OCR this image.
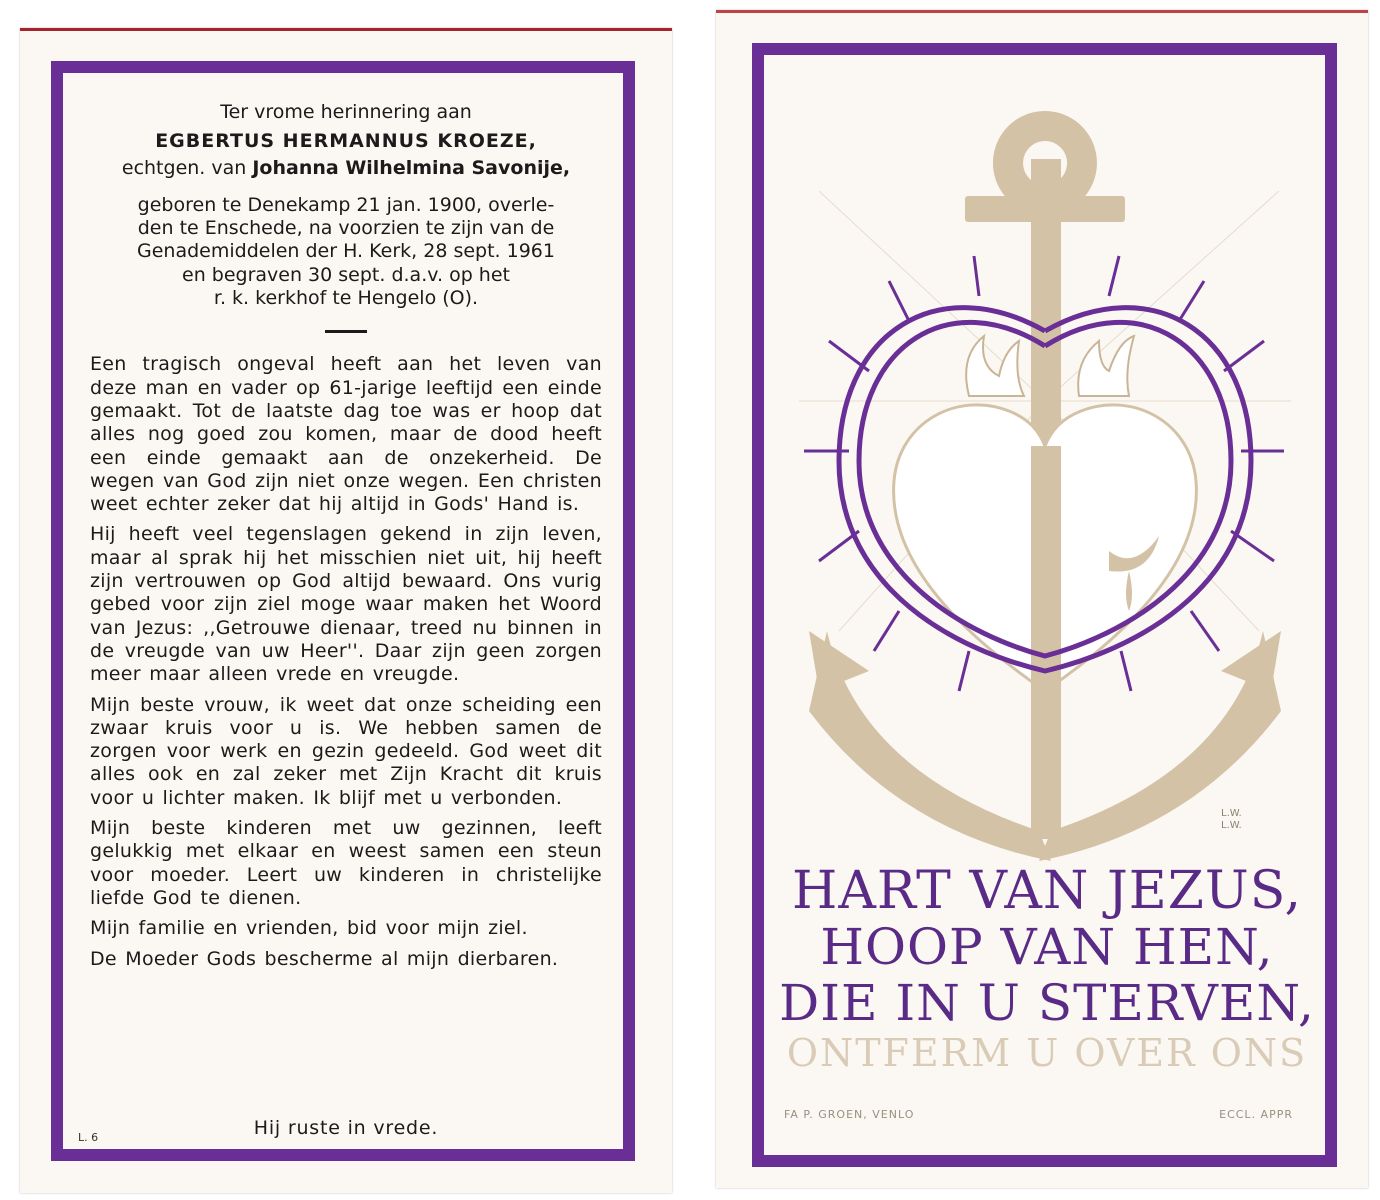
Ter vrome herinnering aan
EGBERTUS HERMANNUS KROEZE,
echtgen. van Johanna Wilhelmina Savonije,
geboren te Denekamp 21 jan. 1900, overle-
den te Enschede, na voorzien te zijn van de
Genademiddelen der H. Kerk, 28 sept. 1961
en begraven 30 sept. d.a.v. op het
r. k. kerkhof te Hengelo (O).

Een tragisch ongeval heeft aan het leven van deze man en vader op 61-jarige leeftijd een einde gemaakt. Tot de laatste dag toe was er hoop dat alles nog goed zou komen, maar de dood heeft een einde gemaakt aan de onzekerheid. De wegen van God zijn niet onze wegen. Een christen weet echter zeker dat hij altijd in Gods' Hand is.

Hij heeft veel tegenslagen gekend in zijn leven, maar al sprak hij het misschien niet uit, hij heeft zijn vertrouwen op God altijd bewaard. Ons vurig gebed voor zijn ziel moge waar maken het Woord van Jezus: ,,Getrouwe dienaar, treed nu binnen in de vreugde van uw Heer''. Daar zijn geen zorgen meer maar alleen vrede en vreugde.

Mijn beste vrouw, ik weet dat onze scheiding een zwaar kruis voor u is. We hebben samen de zorgen voor werk en gezin gedeeld. God weet dit alles ook en zal zeker met Zijn Kracht dit kruis voor u lichter maken. Ik blijf met u verbonden.

Mijn beste kinderen met uw gezinnen, leeft gelukkig met elkaar en weest samen een steun voor moeder. Leert uw kinderen in christelijke liefde God te dienen.

Mijn familie en vrienden, bid voor mijn ziel.

De Moeder Gods bescherme al mijn dierbaren.

L. 6	Hij ruste in vrede.
L.W.
L.W.
HART VAN JEZUS,
HOOP VAN HEN,
DIE IN U STERVEN,
ONTFERM U OVER ONS
FA P. GROEN, VENLO	ECCL. APPR
